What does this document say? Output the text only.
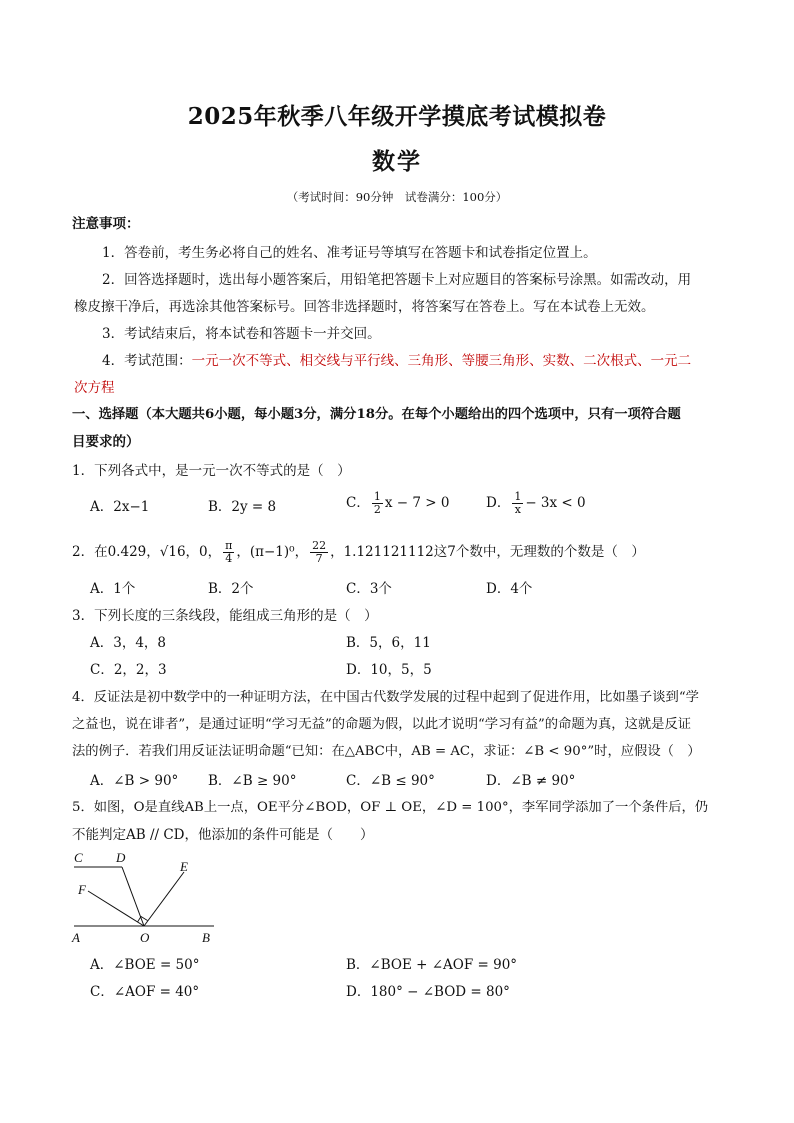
2025年秋季八年级开学摸底考试模拟卷
数学
（考试时间：90分钟　试卷满分：100分）
注意事项：
1．答卷前，考生务必将自己的姓名、准考证号等填写在答题卡和试卷指定位置上。
2．回答选择题时，选出每小题答案后，用铅笔把答题卡上对应题目的答案标号涂黑。如需改动，用
橡皮擦干净后，再选涂其他答案标号。回答非选择题时，将答案写在答卷上。写在本试卷上无效。
3．考试结束后，将本试卷和答题卡一并交回。
4．考试范围：一元一次不等式、相交线与平行线、三角形、等腰三角形、实数、二次根式、一元二
次方程
一、选择题（本大题共6小题，每小题3分，满分18分。在每个小题给出的四个选项中，只有一项符合题
目要求的）
1．下列各式中，是一元一次不等式的是（　）
A．2x−1	B．2y = 8	C． $\frac{1}{2}$ x − 7 > 0	D． $\frac{1}{x} - 3x < 0$
2．在0.4̇2̇9̇，√16，0， $\frac{\pi}{4}$ ，(π−1)⁰， $\frac{22}{7}$ ，1.121121112这7个数中，无理数的个数是（　）
A．1个	B．2个	C．3个	D．4个
3．下列长度的三条线段，能组成三角形的是（　）
A．3，4，8	B．5，6，11
C．2，2，3	D．10，5，5
4．反证法是初中数学中的一种证明方法，在中国古代数学发展的过程中起到了促进作用，比如墨子谈到“学
之益也，说在诽者”，是通过证明“学习无益”的命题为假，以此才说明“学习有益”的命题为真，这就是反证
法的例子．若我们用反证法证明命题“已知：在△ABC中，AB = AC，求证：∠B < 90°”时，应假设（　）
A．∠B > 90° B．∠B ≥ 90°	C．∠B ≤ 90°	D．∠B ≠ 90°
5．如图，O是直线AB上一点，OE平分∠BOD，OF ⊥ OE，∠D = 100°，李军同学添加了一个条件后，仍
不能判定AB // CD，他添加的条件可能是（　　）
C	D
E
F
A	O	B
A．∠BOE = 50°	B．∠BOE + ∠AOF = 90°
C．∠AOF = 40°	D．180° − ∠BOD = 80°
